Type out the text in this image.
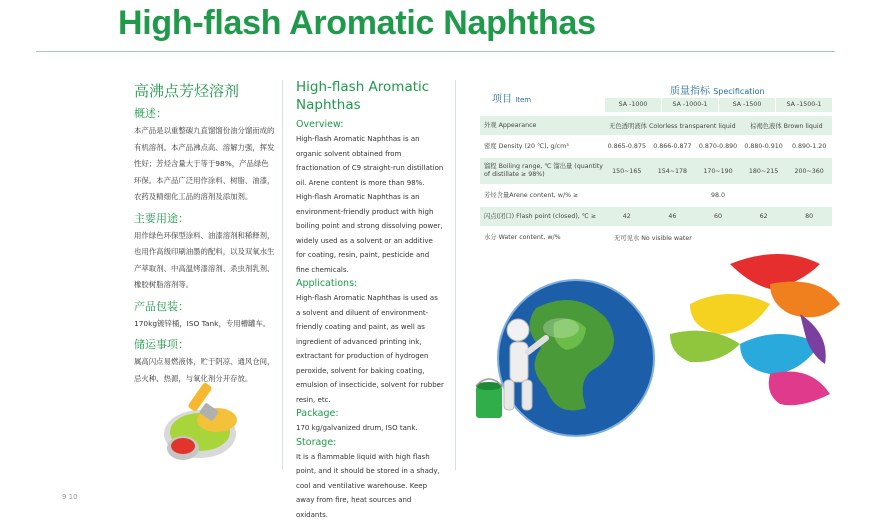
High-flash Aromatic Naphthas
高沸点芳烃溶剂
概述：
本产品是以重整碳九直馏馏份油分馏而成的有机溶剂。本产品沸点高、溶解力强，挥发性好；芳烃含量大于等于98%，产品绿色环保。本产品广泛用作涂料、树脂、油漆，农药及精细化工品的溶剂及添加剂。
主要用途：
用作绿色环保型涂料、油漆溶剂和稀释剂，也用作高级印刷油墨的配料，以及双氧水生产萃取剂、中高温烤漆溶剂、杀虫剂乳剂、橡胶树脂溶剂等。
产品包装：
170kg镀锌桶，ISO Tank，专用槽罐车。
储运事项：
属高闪点易燃液体，贮于阴凉、通风仓间，忌火种、热源，与氧化剂分开存放。
High-flash Aromatic Naphthas
Overview:
High-flash Aromatic Naphthas is an organic solvent obtained from fractionation of C9 straight-run distillation oil. Arene content is more than 98%. High-flash Aromatic Naphthas is an environment-friendly product with high boiling point and strong dissolving power, widely used as a solvent or an additive for coating, resin, paint, pesticide and fine chemicals.
Applications:
High-flash Aromatic Naphthas is used as a solvent and diluent of environment-friendly coating and paint, as well as ingredient of advanced printing ink, extractant for production of hydrogen peroxide, solvent for baking coating, emulsion of insecticide, solvent for rubber resin, etc.
Package:
170 kg/galvanized drum, ISO tank.
Storage:
It is a flammable liquid with high flash point, and it should be stored in a shady, cool and ventilative warehouse. Keep away from fire, heat sources and oxidants.
项目 Item
质量指标 Specification
SA -1000	SA -1000-1	SA -1500	SA -1500-1
外观 Appearance	无色透明液体 Colorless transparent liquid	棕褐色液体 Brown liquid
密度 Density (20 ℃), g/cm³	0.865-0.875	0.866-0.877	0.870-0.890	0.880-0.910	0.890-1.20
馏程 Boiling range, ℃ 馏出量 (quantity of distillate ≥ 98%)	150~165	154~178	170~190	180~215	200~360
芳烃含量Arene content, w/% ≥	98.0
闪点(闭口) Flash point (closed), ℃ ≥	42	46	60	62	80
水分 Water content, w/%	无可见水 No visible water
9 10
